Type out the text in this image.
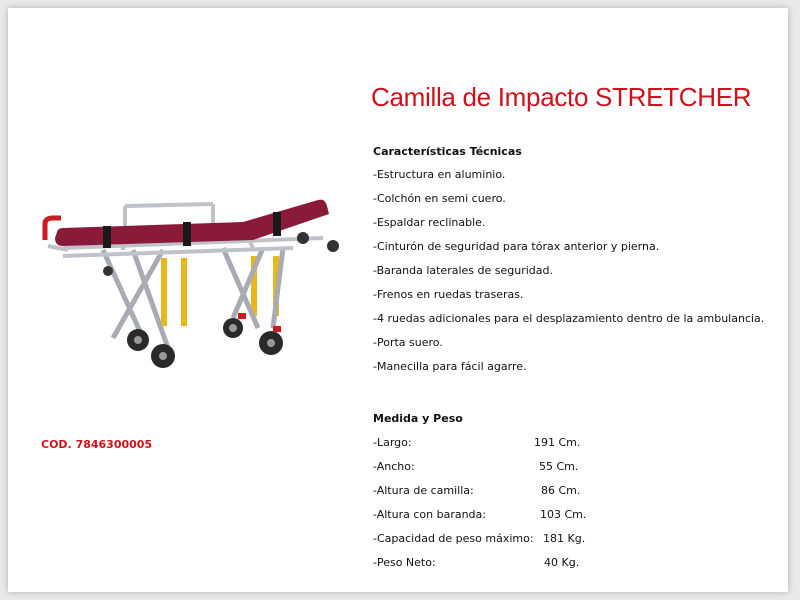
Camilla de Impacto STRETCHER
COD. 7846300005
Características Técnicas
-Estructura en aluminio.
-Colchón en semi cuero.
-Espaldar reclinable.
-Cinturón de seguridad para tórax anterior y pierna.
-Baranda laterales de seguridad.
-Frenos en ruedas traseras.
-4 ruedas adicionales para el desplazamiento dentro de la ambulancia.
-Porta suero.
-Manecilla para fácil agarre.
Medida y Peso
-Largo:	191 Cm.
-Ancho:	55 Cm.
-Altura de camilla:	86 Cm.
-Altura con baranda:	103 Cm.
-Capacidad de peso máximo: 181 Kg.
-Peso Neto:	40 Kg.
